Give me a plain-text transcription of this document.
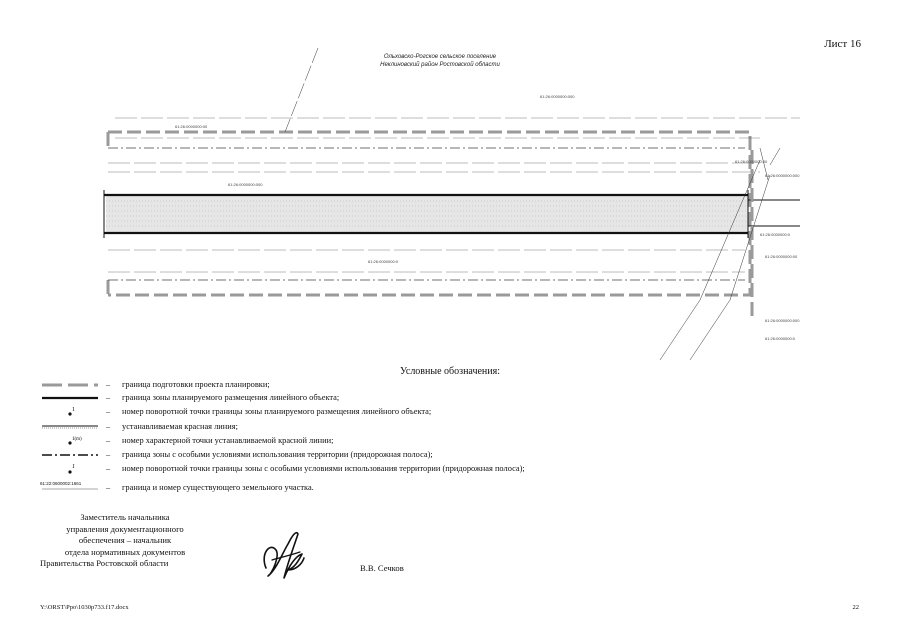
Лист 16
Ольховско-Рогское сельское поселение
Неклиновский район Ростовской области
61:26:0000000:000
61:26:0000000:00
61:26:0000000:000
61:26:0000000:0
61:26:0000000:00
61:26:0000000:000
61:26:0000000:0
61:26:0000000:00
61:26:0000000:000
61:26:0000000:0
Условные обозначения:
– граница подготовки проекта планировки;
– граница зоны планируемого размещения линейного объекта;
1	– номер поворотной точки границы зоны планируемого размещения линейного объекта;
– устанавливаемая красная линия;
1(m)	– номер характерной точки устанавливаемой красной линии;
– граница зоны с особыми условиями использования территории (придорожная полоса);
1	– номер поворотной точки границы зоны с особыми условиями использования территории (придорожная полоса);
61:22:0600002:1661	– граница и номер существующего земельного участка.
Заместитель начальника
управления документационного
обеспечения – начальник
отдела нормативных документов
Правительства Ростовской области	В.В. Сечков
Y:\ORST\Ppo\1030p733.f17.docx	22
